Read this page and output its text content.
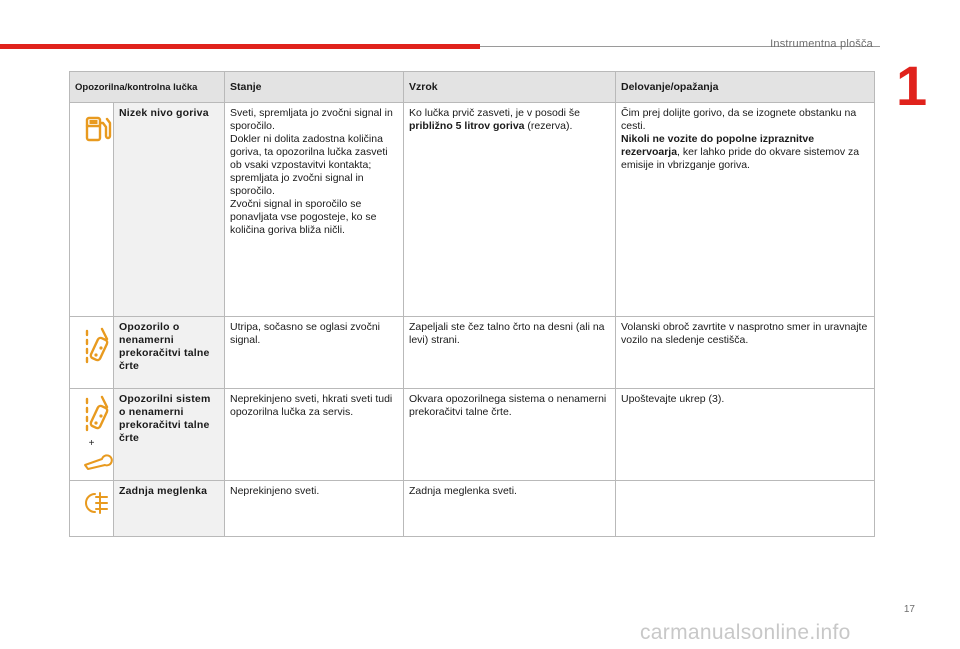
Instrumentna plošča
1
Opozorilna/kontrolna lučka		Stanje	Vzrok	Delovanje/opažanja
	Nizek nivo goriva	Sveti, spremljata jo zvočni signal in sporočilo.
Dokler ni dolita zadostna količina goriva, ta opozorilna lučka zasveti ob vsaki vzpostavitvi kontakta; spremljata jo zvočni signal in sporočilo.
Zvočni signal in sporočilo se ponavljata vse pogosteje, ko se količina goriva bliža ničli.	Ko lučka prvič zasveti, je v posodi še približno 5 litrov goriva (rezerva).	Čim prej dolijte gorivo, da se izognete obstanku na cesti.
Nikoli ne vozite do popolne izpraznitve rezervoarja, ker lahko pride do okvare sistemov za emisije in vbrizganje goriva.
	Opozorilo o nenamerni prekoračitvi talne črte	Utripa, sočasno se oglasi zvočni signal.	Zapeljali ste čez talno črto na desni (ali na levi) strani.	Volanski obroč zavrtite v nasprotno smer in uravnajte vozilo na sledenje cestišča.

+	Opozorilni sistem o nenamerni prekoračitvi talne črte	Neprekinjeno sveti, hkrati sveti tudi opozorilna lučka za servis.	Okvara opozorilnega sistema o nenamerni prekoračitvi talne črte.	Upoštevajte ukrep (3).
	Zadnja meglenka	Neprekinjeno sveti.	Zadnja meglenka sveti.	
17
carmanualsonline.info
